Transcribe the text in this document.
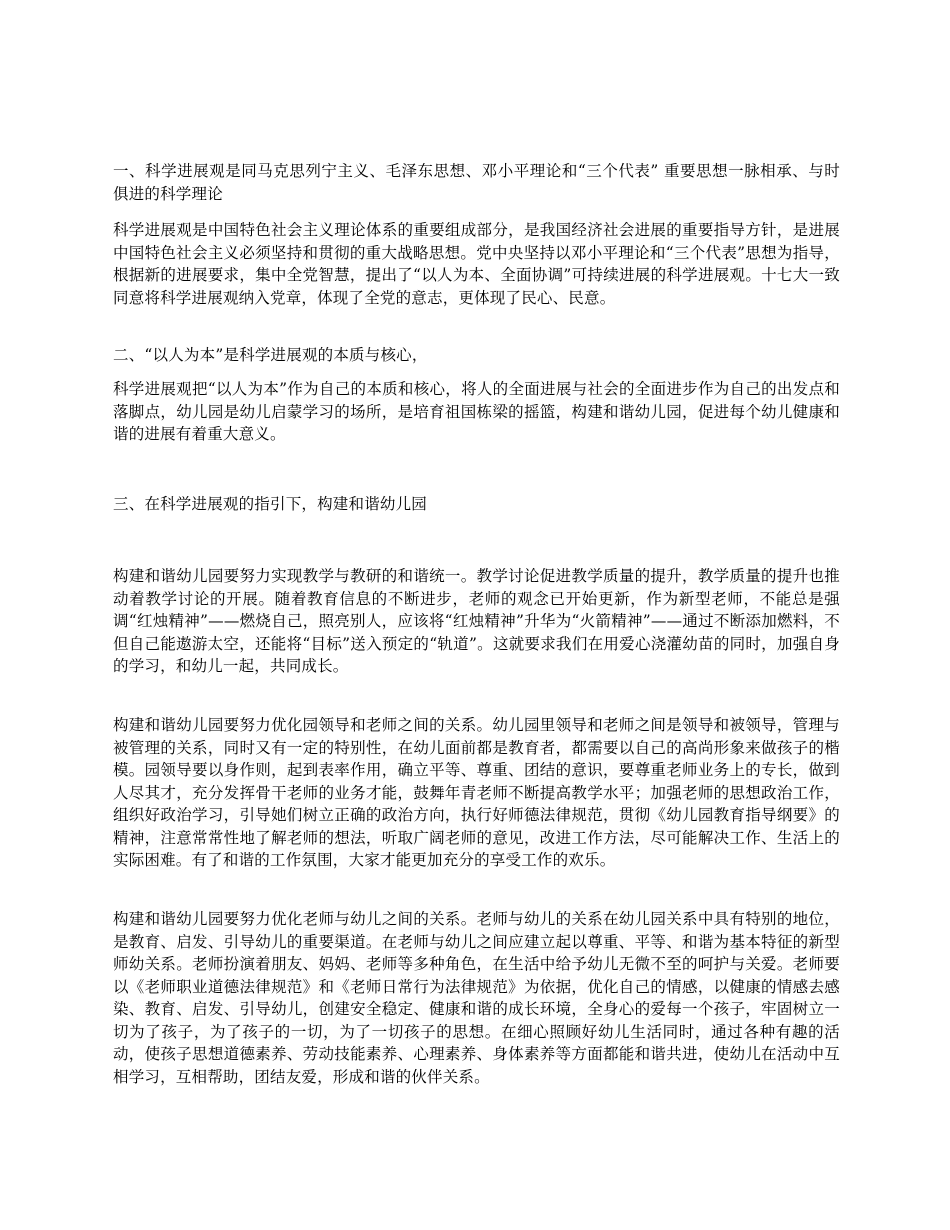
一、科学进展观是同马克思列宁主义、毛泽东思想、邓小平理论和“三个代表” 重要思想一脉相承、与时俱进的科学理论

科学进展观是中国特色社会主义理论体系的重要组成部分，是我国经济社会进展的重要指导方针，是进展中国特色社会主义必须坚持和贯彻的重大战略思想。党中央坚持以邓小平理论和“三个代表”思想为指导，根据新的进展要求，集中全党智慧，提出了“以人为本、全面协调”可持续进展的科学进展观。十七大一致同意将科学进展观纳入党章，体现了全党的意志，更体现了民心、民意。

二、“以人为本”是科学进展观的本质与核心，

科学进展观把“以人为本”作为自己的本质和核心，将人的全面进展与社会的全面进步作为自己的出发点和落脚点，幼儿园是幼儿启蒙学习的场所，是培育祖国栋梁的摇篮，构建和谐幼儿园，促进每个幼儿健康和谐的进展有着重大意义。

三、在科学进展观的指引下，构建和谐幼儿园

构建和谐幼儿园要努力实现教学与教研的和谐统一。教学讨论促进教学质量的提升，教学质量的提升也推动着教学讨论的开展。随着教育信息的不断进步，老师的观念已开始更新，作为新型老师，不能总是强调“红烛精神”——燃烧自己，照亮别人，应该将“红烛精神”升华为“火箭精神”——通过不断添加燃料，不但自己能遨游太空，还能将“目标”送入预定的“轨道”。这就要求我们在用爱心浇灌幼苗的同时，加强自身的学习，和幼儿一起，共同成长。

构建和谐幼儿园要努力优化园领导和老师之间的关系。幼儿园里领导和老师之间是领导和被领导，管理与被管理的关系，同时又有一定的特别性，在幼儿面前都是教育者，都需要以自己的高尚形象来做孩子的楷模。园领导要以身作则，起到表率作用，确立平等、尊重、团结的意识，要尊重老师业务上的专长，做到人尽其才，充分发挥骨干老师的业务才能，鼓舞年青老师不断提高教学水平；加强老师的思想政治工作，组织好政治学习，引导她们树立正确的政治方向，执行好师德法律规范，贯彻《幼儿园教育指导纲要》的精神，注意常常性地了解老师的想法，听取广阔老师的意见，改进工作方法，尽可能解决工作、生活上的实际困难。有了和谐的工作氛围，大家才能更加充分的享受工作的欢乐。

构建和谐幼儿园要努力优化老师与幼儿之间的关系。老师与幼儿的关系在幼儿园关系中具有特别的地位，是教育、启发、引导幼儿的重要渠道。在老师与幼儿之间应建立起以尊重、平等、和谐为基本特征的新型师幼关系。老师扮演着朋友、妈妈、老师等多种角色，在生活中给予幼儿无微不至的呵护与关爱。老师要以《老师职业道德法律规范》和《老师日常行为法律规范》为依据，优化自己的情感，以健康的情感去感染、教育、启发、引导幼儿，创建安全稳定、健康和谐的成长环境，全身心的爱每一个孩子，牢固树立一切为了孩子，为了孩子的一切，为了一切孩子的思想。在细心照顾好幼儿生活同时，通过各种有趣的活动，使孩子思想道德素养、劳动技能素养、心理素养、身体素养等方面都能和谐共进，使幼儿在活动中互相学习，互相帮助，团结友爱，形成和谐的伙伴关系。
